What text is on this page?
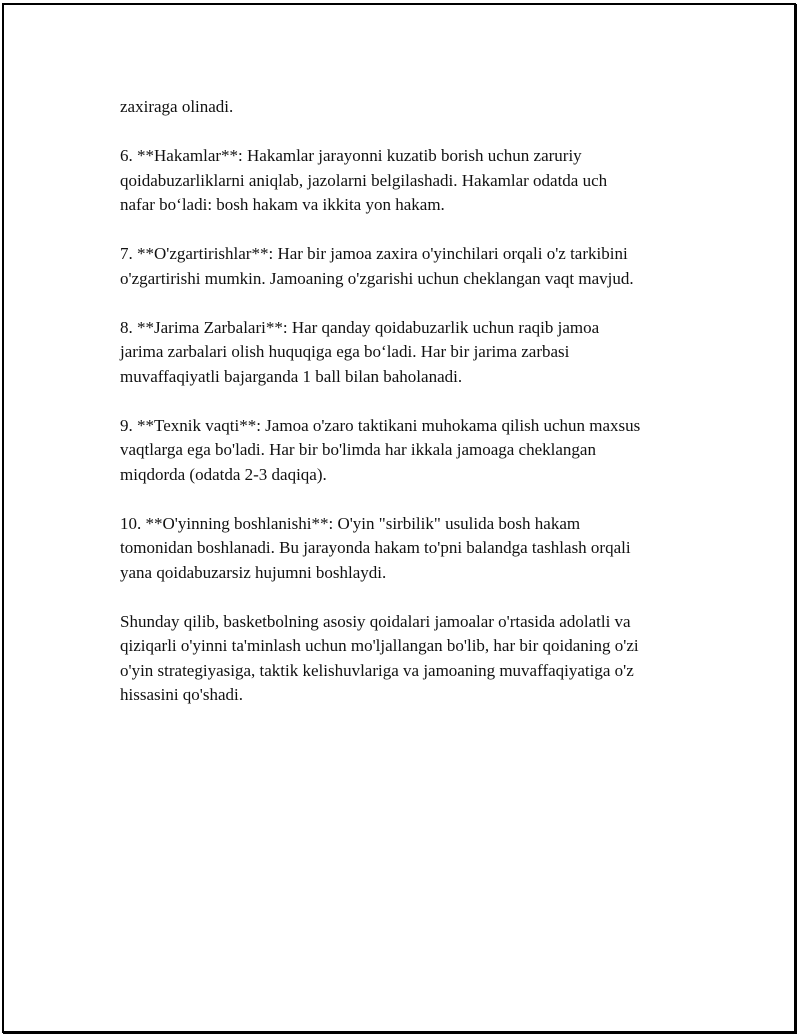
zaxiraga olinadi.

6. **Hakamlar**: Hakamlar jarayonni kuzatib borish uchun zaruriy
qoidabuzarliklarni aniqlab, jazolarni belgilashadi. Hakamlar odatda uch
nafar bo‘ladi: bosh hakam va ikkita yon hakam.

7. **O'zgartirishlar**: Har bir jamoa zaxira o'yinchilari orqali o'z tarkibini
o'zgartirishi mumkin. Jamoaning o'zgarishi uchun cheklangan vaqt mavjud.

8. **Jarima Zarbalari**: Har qanday qoidabuzarlik uchun raqib jamoa
jarima zarbalari olish huquqiga ega bo‘ladi. Har bir jarima zarbasi
muvaffaqiyatli bajarganda 1 ball bilan baholanadi.

9. **Texnik vaqti**: Jamoa o'zaro taktikani muhokama qilish uchun maxsus
vaqtlarga ega bo'ladi. Har bir bo'limda har ikkala jamoaga cheklangan
miqdorda (odatda 2-3 daqiqa).

10. **O'yinning boshlanishi**: O'yin "sirbilik" usulida bosh hakam
tomonidan boshlanadi. Bu jarayonda hakam to'pni balandga tashlash orqali
yana qoidabuzarsiz hujumni boshlaydi.

Shunday qilib, basketbolning asosiy qoidalari jamoalar o'rtasida adolatli va
qiziqarli o'yinni ta'minlash uchun mo'ljallangan bo'lib, har bir qoidaning o'zi
o'yin strategiyasiga, taktik kelishuvlariga va jamoaning muvaffaqiyatiga o'z
hissasini qo'shadi.
